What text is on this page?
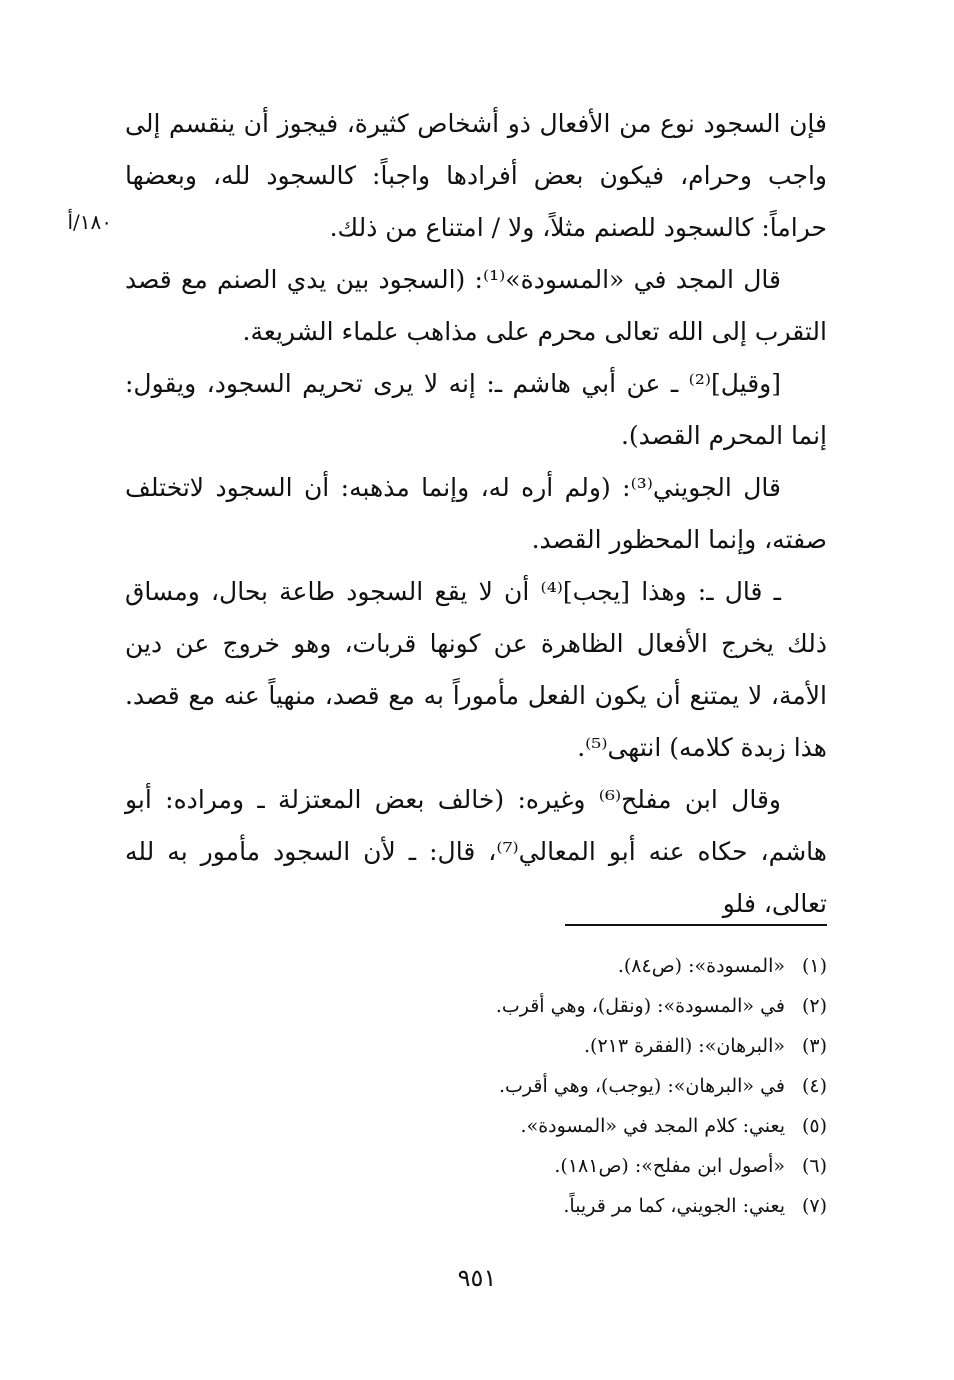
١٨٠/أ

فإن السجود نوع من الأفعال ذو أشخاص كثيرة، فيجوز أن ينقسم إلى واجب وحرام، فيكون بعض أفرادها واجباً: كالسجود لله، وبعضها حراماً: كالسجود للصنم مثلاً، ولا / امتناع من ذلك.

قال المجد في «المسودة»⁽¹⁾: (السجود بين يدي الصنم مع قصد التقرب إلى الله تعالى محرم على مذاهب علماء الشريعة.

[وقيل]⁽²⁾ ـ عن أبي هاشم ـ: إنه لا يرى تحريم السجود، ويقول: إنما المحرم القصد).

قال الجويني⁽³⁾: (ولم أره له، وإنما مذهبه: أن السجود لاتختلف صفته، وإنما المحظور القصد.

ـ قال ـ: وهذا [يجب]⁽⁴⁾ أن لا يقع السجود طاعة بحال، ومساق ذلك يخرج الأفعال الظاهرة عن كونها قربات، وهو خروج عن دين الأمة، لا يمتنع أن يكون الفعل مأموراً به مع قصد، منهياً عنه مع قصد. هذا زبدة كلامه) انتهى⁽⁵⁾.

وقال ابن مفلح⁽⁶⁾ وغيره: (خالف بعض المعتزلة ـ ومراده: أبو هاشم، حكاه عنه أبو المعالي⁽⁷⁾، قال: ـ لأن السجود مأمور به لله تعالى، فلو

(١)«المسودة»: (ص٨٤).

(٢)في «المسودة»: (ونقل)، وهي أقرب.

(٣)«البرهان»: (الفقرة ٢١٣).

(٤)في «البرهان»: (يوجب)، وهي أقرب.

(٥)يعني: كلام المجد في «المسودة».

(٦)«أصول ابن مفلح»: (ص١٨١).

(٧)يعني: الجويني، كما مر قريباً.

٩٥١
